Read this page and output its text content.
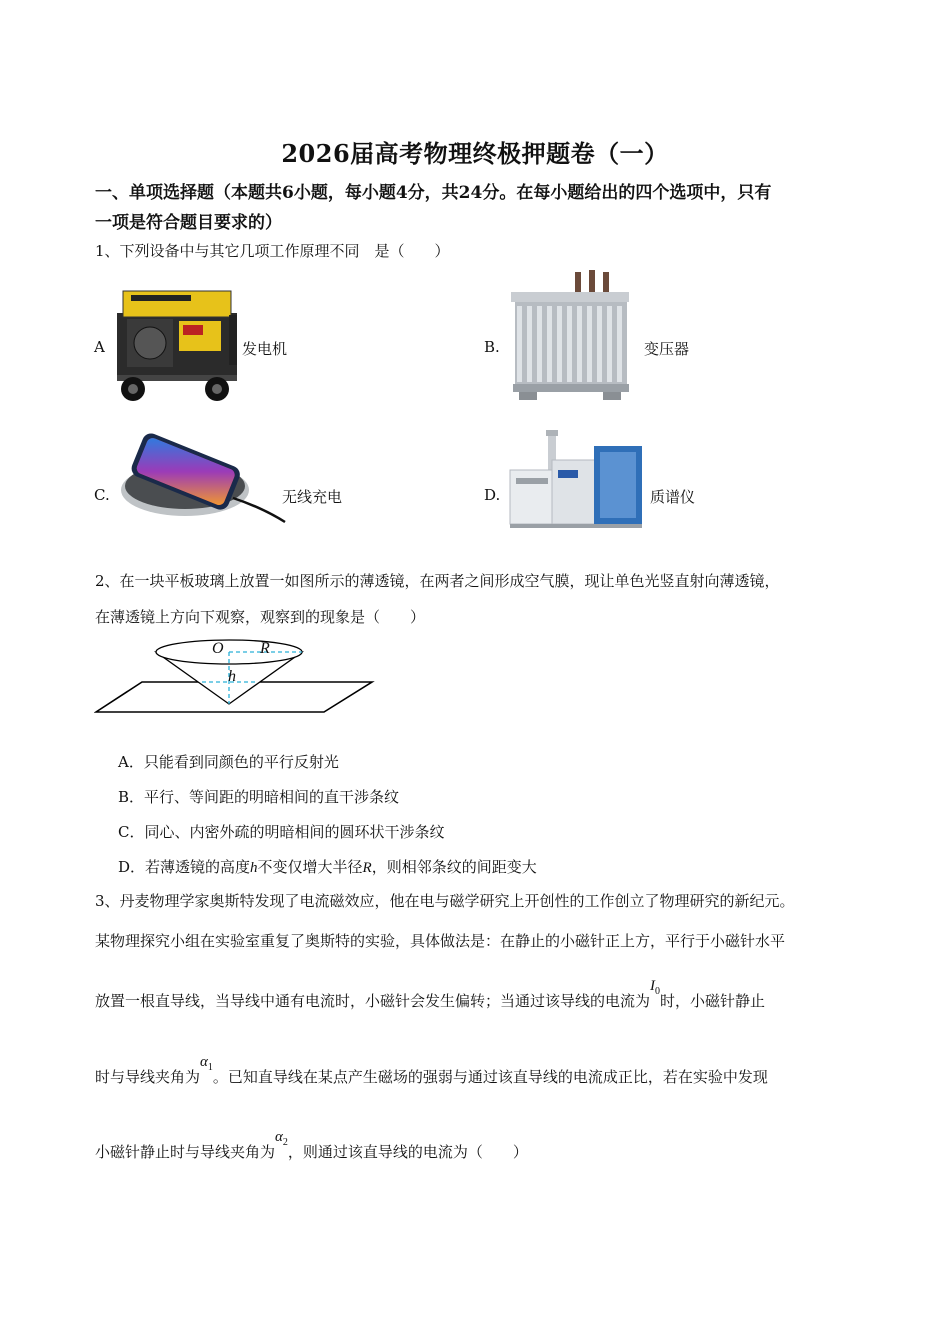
2026届高考物理终极押题卷（一）
一、单项选择题（本题共6小题，每小题4分，共24分。在每小题给出的四个选项中，只有
一项是符合题目要求的）
1、下列设备中与其它几项工作原理不同　是（　　）
A	发电机	B.	变压器
C.	无线充电	D.	质谱仪
2、在一块平板玻璃上放置一如图所示的薄透镜，在两者之间形成空气膜，现让单色光竖直射向薄透镜，
在薄透镜上方向下观察，观察到的现象是（　　）
O R
h
A．只能看到同颜色的平行反射光
B．平行、等间距的明暗相间的直干涉条纹
C．同心、内密外疏的明暗相间的圆环状干涉条纹
D．若薄透镜的高度h不变仅增大半径R，则相邻条纹的间距变大
3、丹麦物理学家奥斯特发现了电流磁效应，他在电与磁学研究上开创性的工作创立了物理研究的新纪元。
某物理探究小组在实验室重复了奥斯特的实验，具体做法是：在静止的小磁针正上方，平行于小磁针水平
放置一根直导线，当导线中通有电流时，小磁针会发生偏转；当通过该导线的电流为$I_0$时，小磁针静止
时与导线夹角为$\alpha_1$。已知直导线在某点产生磁场的强弱与通过该直导线的电流成正比，若在实验中发现
小磁针静止时与导线夹角为$\alpha_2$，则通过该直导线的电流为（　　）
